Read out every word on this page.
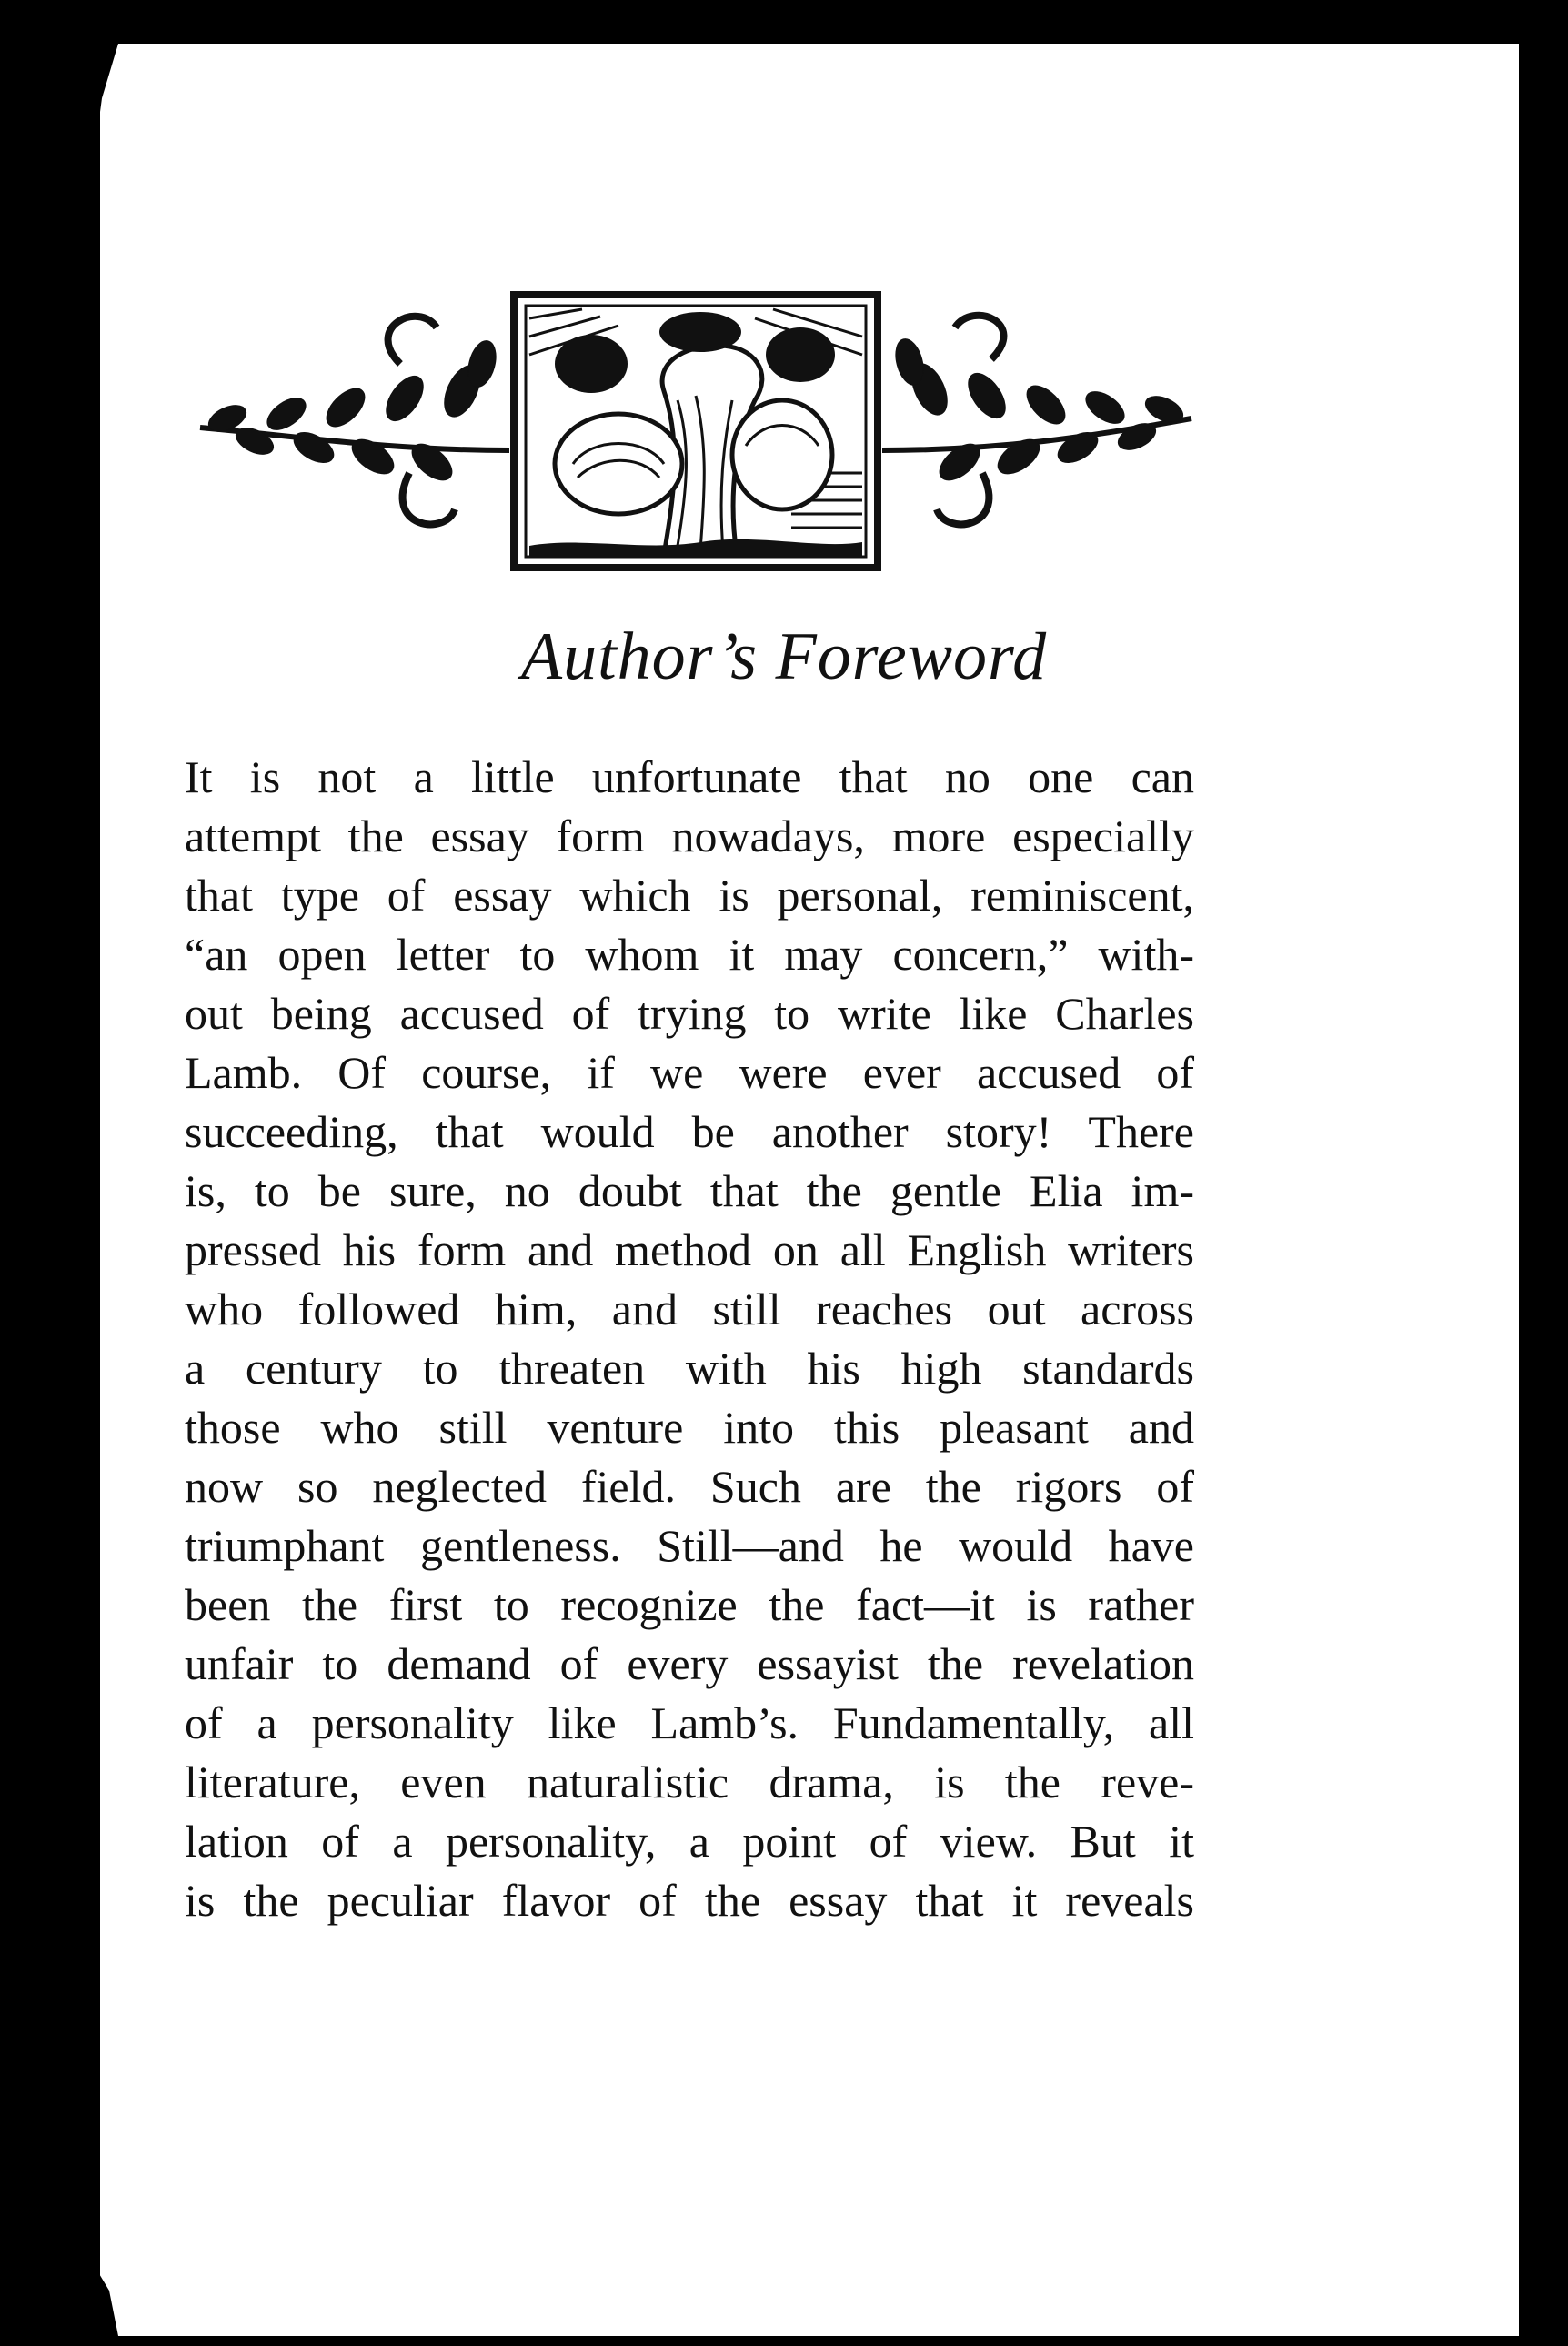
Author’s Foreword
It is not a little unfortunate that no one can
attempt the essay form nowadays, more especially
that type of essay which is personal, reminiscent,
“an open letter to whom it may concern,” with-
out being accused of trying to write like Charles
Lamb. Of course, if we were ever accused of
succeeding, that would be another story! There
is, to be sure, no doubt that the gentle Elia im-
pressed his form and method on all English writers
who followed him, and still reaches out across
a century to threaten with his high standards
those who still venture into this pleasant and
now so neglected field. Such are the rigors of
triumphant gentleness. Still—and he would have
been the first to recognize the fact—it is rather
unfair to demand of every essayist the revelation
of a personality like Lamb’s. Fundamentally, all
literature, even naturalistic drama, is the reve-
lation of a personality, a point of view. But it
is the peculiar flavor of the essay that it reveals
